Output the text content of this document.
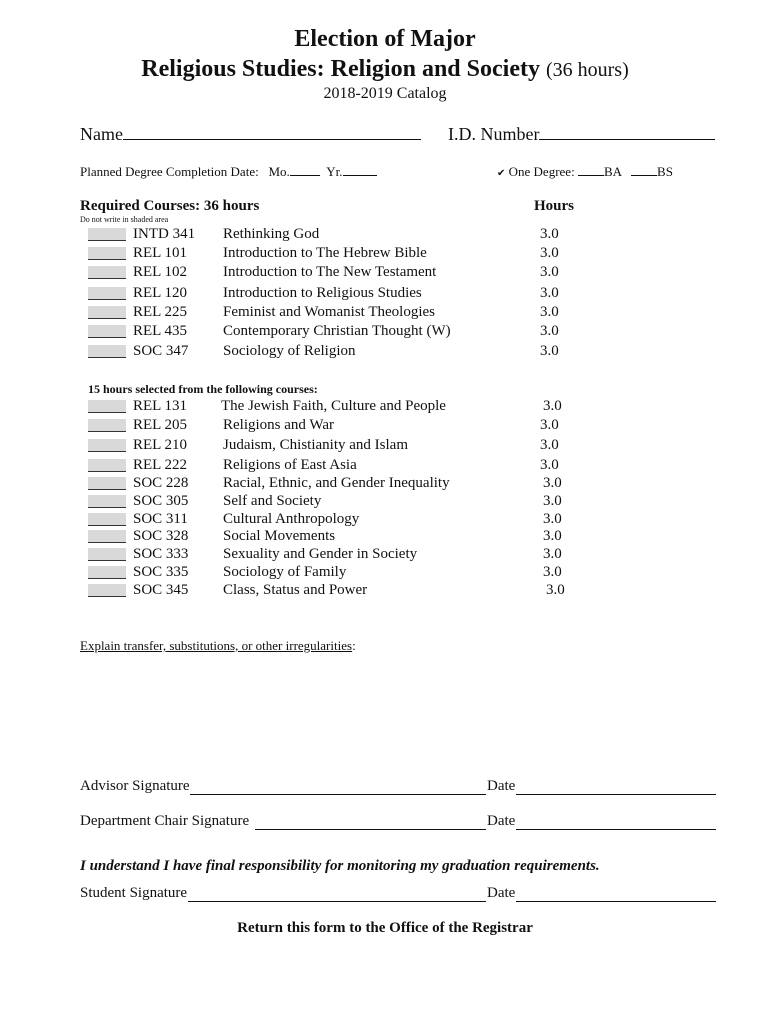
Election of Major
Religious Studies: Religion and Society (36 hours)
2018-2019 Catalog
Name	I.D. Number
Planned Degree Completion Date: Mo.	Yr.	✔ One Degree: BA	BS
Required Courses: 36 hours	Hours
Do not write in shaded area
INTD 341 Rethinking God	3.0
REL 101 Introduction to The Hebrew Bible	3.0
REL 102 Introduction to The New Testament	3.0
REL 120 Introduction to Religious Studies	3.0
REL 225 Feminist and Womanist Theologies	3.0
REL 435 Contemporary Christian Thought (W)	3.0
SOC 347 Sociology of Religion	3.0
15 hours selected from the following courses:
REL 131 The Jewish Faith, Culture and People	3.0
REL 205 Religions and War	3.0
REL 210 Judaism, Chistianity and Islam	3.0
REL 222 Religions of East Asia	3.0
SOC 228 Racial, Ethnic, and Gender Inequality	3.0
SOC 305 Self and Society	3.0
SOC 311 Cultural Anthropology	3.0
SOC 328 Social Movements	3.0
SOC 333 Sexuality and Gender in Society	3.0
SOC 335 Sociology of Family	3.0
SOC 345 Class, Status and Power	3.0
Explain transfer, substitutions, or other irregularities:
Advisor Signature	Date
Department Chair Signature	Date
I understand I have final responsibility for monitoring my graduation requirements.
Student Signature	Date
Return this form to the Office of the Registrar
